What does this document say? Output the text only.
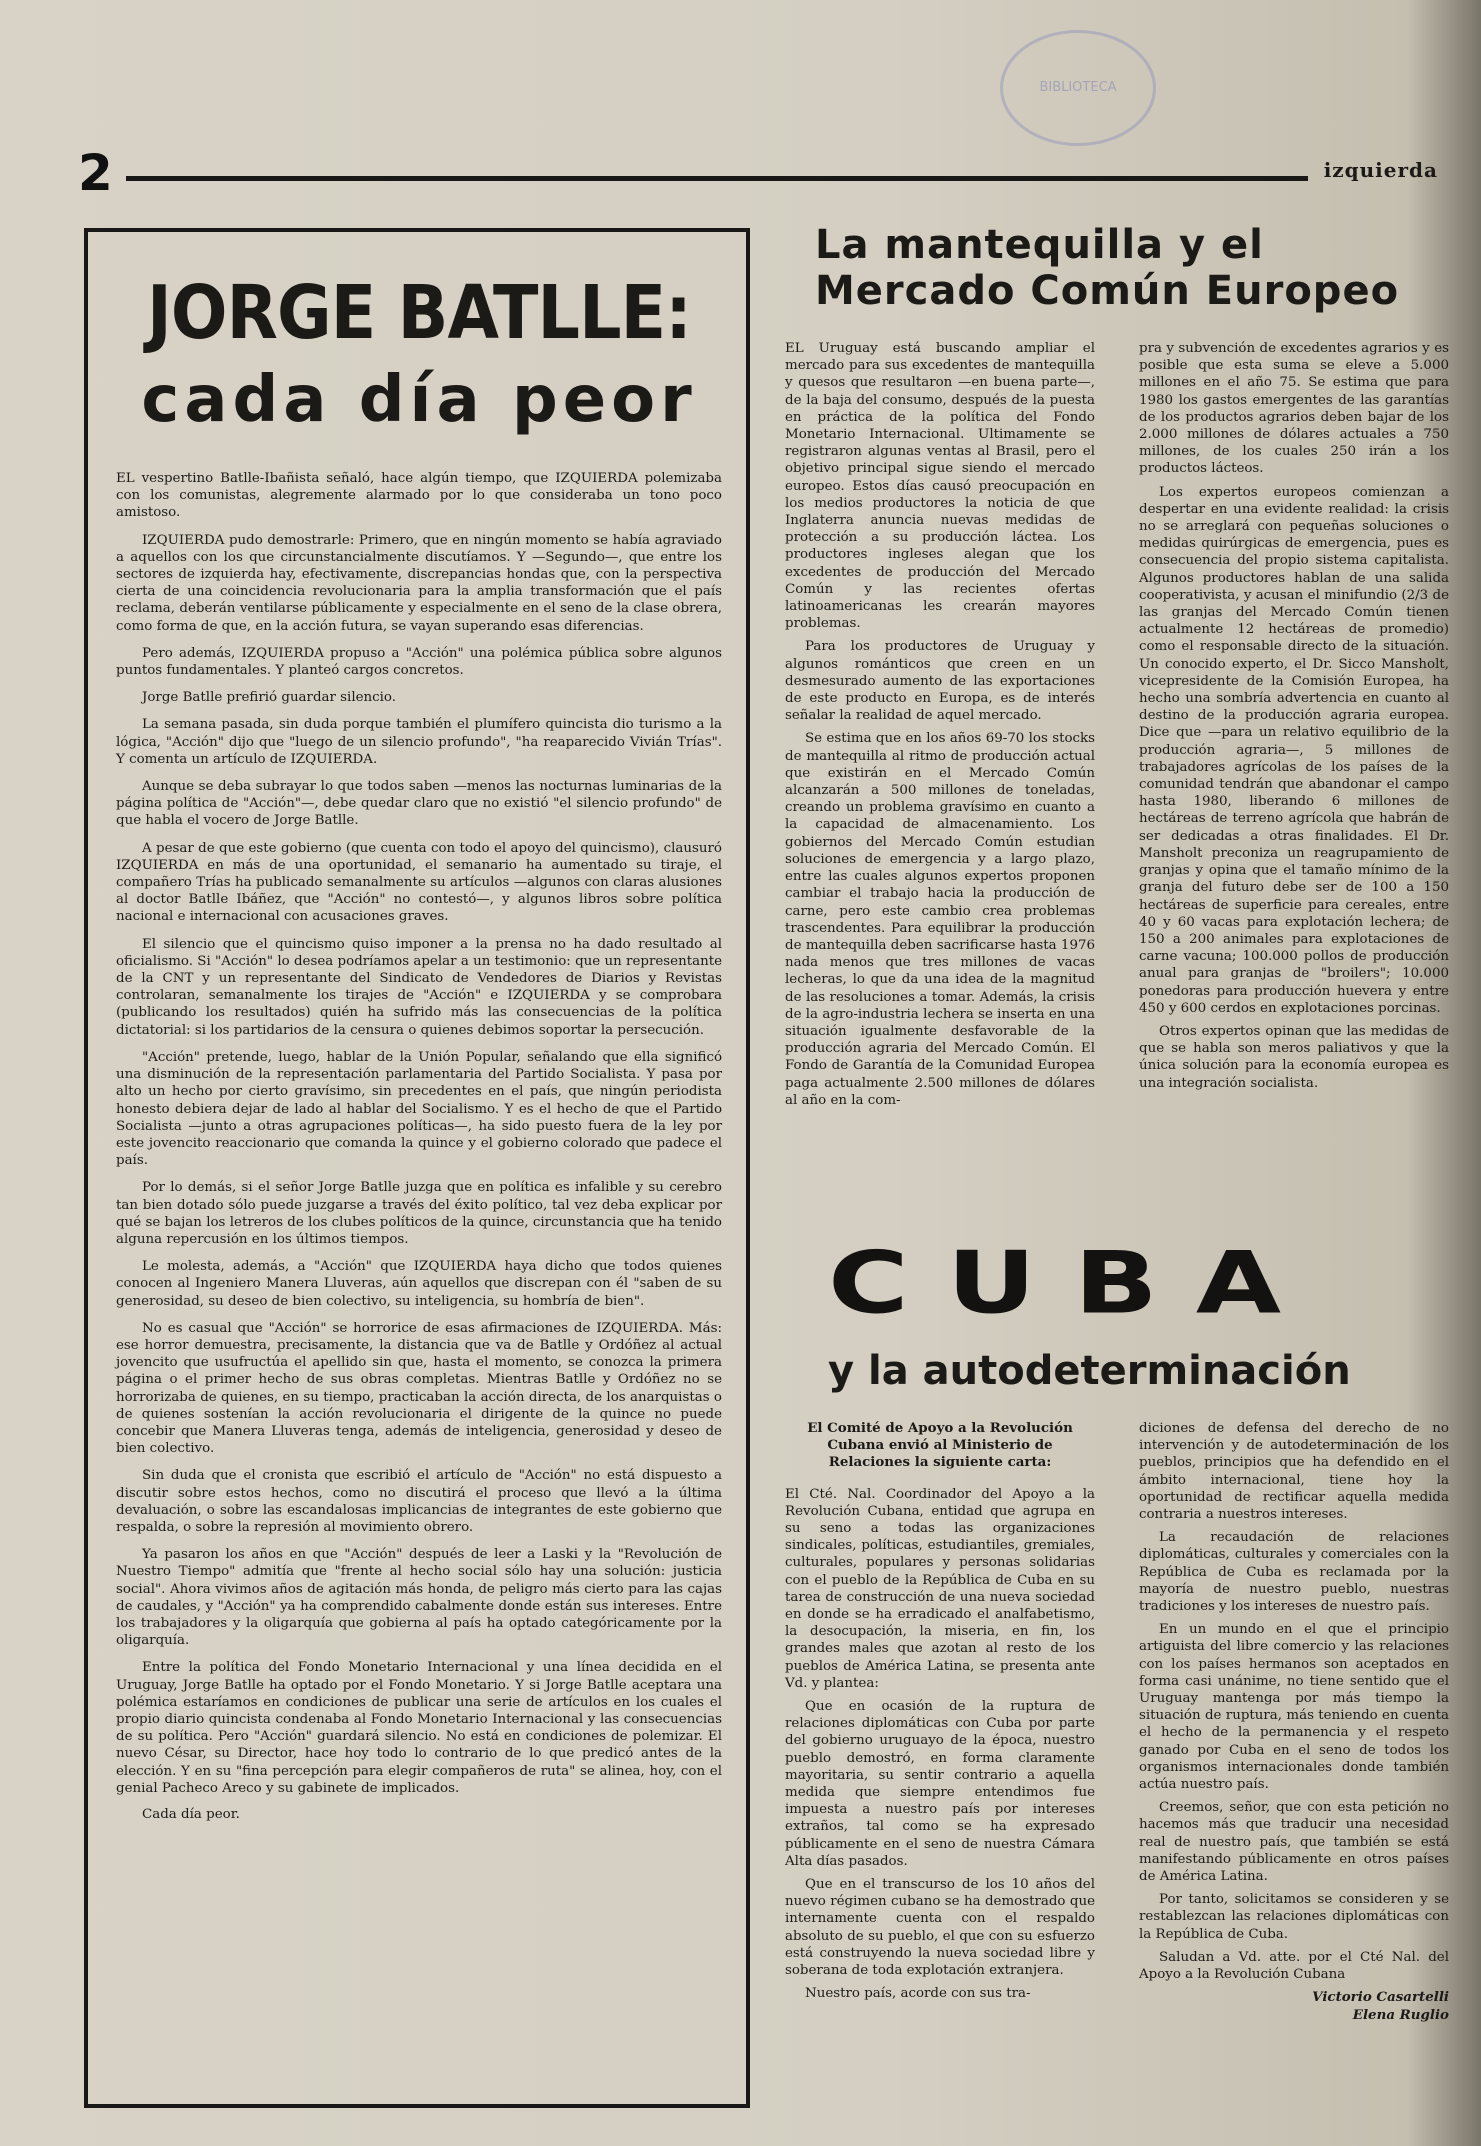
BIBLIOTECA
2	izquierda
JORGE BATLLE:
cada día peor

EL vespertino Batlle-Ibañista señaló, hace algún tiempo, que IZQUIERDA polemizaba con los comunistas, alegremente alarmado por lo que consideraba un tono poco amistoso.

IZQUIERDA pudo demostrarle: Primero, que en ningún momento se había agraviado a aquellos con los que circunstancialmente discutíamos. Y —Segundo—, que entre los sectores de izquierda hay, efectivamente, discrepancias hondas que, con la perspectiva cierta de una coincidencia revolucionaria para la amplia transformación que el país reclama, deberán ventilarse públicamente y especialmente en el seno de la clase obrera, como forma de que, en la acción futura, se vayan superando esas diferencias.

Pero además, IZQUIERDA propuso a "Acción" una polémica pública sobre algunos puntos fundamentales. Y planteó cargos concretos.

Jorge Batlle prefirió guardar silencio.

La semana pasada, sin duda porque también el plumífero quincista dio turismo a la lógica, "Acción" dijo que "luego de un silencio profundo", "ha reaparecido Vivián Trías". Y comenta un artículo de IZQUIERDA.

Aunque se deba subrayar lo que todos saben —menos las nocturnas luminarias de la página política de "Acción"—, debe quedar claro que no existió "el silencio profundo" de que habla el vocero de Jorge Batlle.

A pesar de que este gobierno (que cuenta con todo el apoyo del quincismo), clausuró IZQUIERDA en más de una oportunidad, el semanario ha aumentado su tiraje, el compañero Trías ha publicado semanalmente su artículos —algunos con claras alusiones al doctor Batlle Ibáñez, que "Acción" no contestó—, y algunos libros sobre política nacional e internacional con acusaciones graves.

El silencio que el quincismo quiso imponer a la prensa no ha dado resultado al oficialismo. Si "Acción" lo desea podríamos apelar a un testimonio: que un representante de la CNT y un representante del Sindicato de Vendedores de Diarios y Revistas controlaran, semanalmente los tirajes de "Acción" e IZQUIERDA y se comprobara (publicando los resultados) quién ha sufrido más las consecuencias de la política dictatorial: si los partidarios de la censura o quienes debimos soportar la persecución.

"Acción" pretende, luego, hablar de la Unión Popular, señalando que ella significó una disminución de la representación parlamentaria del Partido Socialista. Y pasa por alto un hecho por cierto gravísimo, sin precedentes en el país, que ningún periodista honesto debiera dejar de lado al hablar del Socialismo. Y es el hecho de que el Partido Socialista —junto a otras agrupaciones políticas—, ha sido puesto fuera de la ley por este jovencito reaccionario que comanda la quince y el gobierno colorado que padece el país.

Por lo demás, si el señor Jorge Batlle juzga que en política es infalible y su cerebro tan bien dotado sólo puede juzgarse a través del éxito político, tal vez deba explicar por qué se bajan los letreros de los clubes políticos de la quince, circunstancia que ha tenido alguna repercusión en los últimos tiempos.

Le molesta, además, a "Acción" que IZQUIERDA haya dicho que todos quienes conocen al Ingeniero Manera Lluveras, aún aquellos que discrepan con él "saben de su generosidad, su deseo de bien colectivo, su inteligencia, su hombría de bien".

No es casual que "Acción" se horrorice de esas afirmaciones de IZQUIERDA. Más: ese horror demuestra, precisamente, la distancia que va de Batlle y Ordóñez al actual jovencito que usufructúa el apellido sin que, hasta el momento, se conozca la primera página o el primer hecho de sus obras completas. Mientras Batlle y Ordóñez no se horrorizaba de quienes, en su tiempo, practicaban la acción directa, de los anarquistas o de quienes sostenían la acción revolucionaria el dirigente de la quince no puede concebir que Manera Lluveras tenga, además de inteligencia, generosidad y deseo de bien colectivo.

Sin duda que el cronista que escribió el artículo de "Acción" no está dispuesto a discutir sobre estos hechos, como no discutirá el proceso que llevó a la última devaluación, o sobre las escandalosas implicancias de integrantes de este gobierno que respalda, o sobre la represión al movimiento obrero.

Ya pasaron los años en que "Acción" después de leer a Laski y la "Revolución de Nuestro Tiempo" admitía que "frente al hecho social sólo hay una solución: justicia social". Ahora vivimos años de agitación más honda, de peligro más cierto para las cajas de caudales, y "Acción" ya ha comprendido cabalmente donde están sus intereses. Entre los trabajadores y la oligarquía que gobierna al país ha optado categóricamente por la oligarquía.

Entre la política del Fondo Monetario Internacional y una línea decidida en el Uruguay, Jorge Batlle ha optado por el Fondo Monetario. Y si Jorge Batlle aceptara una polémica estaríamos en condiciones de publicar una serie de artículos en los cuales el propio diario quincista condenaba al Fondo Monetario Internacional y las consecuencias de su política. Pero "Acción" guardará silencio. No está en condiciones de polemizar. El nuevo César, su Director, hace hoy todo lo contrario de lo que predicó antes de la elección. Y en su "fina percepción para elegir compañeros de ruta" se alinea, hoy, con el genial Pacheco Areco y su gabinete de implicados.

Cada día peor.
La mantequilla y el
Mercado Común Europeo

EL Uruguay está buscando ampliar el mercado para sus excedentes de mantequilla y quesos que resultaron —en buena parte—, de la baja del consumo, después de la puesta en práctica de la política del Fondo Monetario Internacional. Ultimamente se registraron algunas ventas al Brasil, pero el objetivo principal sigue siendo el mercado europeo. Estos días causó preocupación en los medios productores la noticia de que Inglaterra anuncia nuevas medidas de protección a su producción láctea. Los productores ingleses alegan que los excedentes de producción del Mercado Común y las recientes ofertas latinoamericanas les crearán mayores problemas.

Para los productores de Uruguay y algunos románticos que creen en un desmesurado aumento de las exportaciones de este producto en Europa, es de interés señalar la realidad de aquel mercado.

Se estima que en los años 69-70 los stocks de mantequilla al ritmo de producción actual que existirán en el Mercado Común alcanzarán a 500 millones de toneladas, creando un problema gravísimo en cuanto a la capacidad de almacenamiento. Los gobiernos del Mercado Común estudian soluciones de emergencia y a largo plazo, entre las cuales algunos expertos proponen cambiar el trabajo hacia la producción de carne, pero este cambio crea problemas trascendentes. Para equilibrar la producción de mantequilla deben sacrificarse hasta 1976 nada menos que tres millones de vacas lecheras, lo que da una idea de la magnitud de las resoluciones a tomar. Además, la crisis de la agro-industria lechera se inserta en una situación igualmente desfavorable de la producción agraria del Mercado Común. El Fondo de Garantía de la Comunidad Europea paga actualmente 2.500 millones de dólares al año en la com-

pra y subvención de excedentes agrarios y es posible que esta suma se eleve a 5.000 millones en el año 75. Se estima que para 1980 los gastos emergentes de las garantías de los productos agrarios deben bajar de los 2.000 millones de dólares actuales a 750 millones, de los cuales 250 irán a los productos lácteos.

Los expertos europeos comienzan a despertar en una evidente realidad: la crisis no se arreglará con pequeñas soluciones o medidas quirúrgicas de emergencia, pues es consecuencia del propio sistema capitalista. Algunos productores hablan de una salida cooperativista, y acusan el minifundio (2/3 de las granjas del Mercado Común tienen actualmente 12 hectáreas de promedio) como el responsable directo de la situación. Un conocido experto, el Dr. Sicco Mansholt, vicepresidente de la Comisión Europea, ha hecho una sombría advertencia en cuanto al destino de la producción agraria europea. Dice que —para un relativo equilibrio de la producción agraria—, 5 millones de trabajadores agrícolas de los países de la comunidad tendrán que abandonar el campo hasta 1980, liberando 6 millones de hectáreas de terreno agrícola que habrán de ser dedicadas a otras finalidades. El Dr. Mansholt preconiza un reagrupamiento de granjas y opina que el tamaño mínimo de la granja del futuro debe ser de 100 a 150 hectáreas de superficie para cereales, entre 40 y 60 vacas para explotación lechera; de 150 a 200 animales para explotaciones de carne vacuna; 100.000 pollos de producción anual para granjas de "broilers"; 10.000 ponedoras para producción huevera y entre 450 y 600 cerdos en explotaciones porcinas.

Otros expertos opinan que las medidas de que se habla son meros paliativos y que la única solución para la economía europea es una integración socialista.

CUBA
y la autodeterminación
El Comité de Apoyo a la Revolución Cubana envió al Ministerio de Relaciones la siguiente carta:

El Cté. Nal. Coordinador del Apoyo a la Revolución Cubana, entidad que agrupa en su seno a todas las organizaciones sindicales, políticas, estudiantiles, gremiales, culturales, populares y personas solidarias con el pueblo de la República de Cuba en su tarea de construcción de una nueva sociedad en donde se ha erradicado el analfabetismo, la desocupación, la miseria, en fin, los grandes males que azotan al resto de los pueblos de América Latina, se presenta ante Vd. y plantea:

Que en ocasión de la ruptura de relaciones diplomáticas con Cuba por parte del gobierno uruguayo de la época, nuestro pueblo demostró, en forma claramente mayoritaria, su sentir contrario a aquella medida que siempre entendimos fue impuesta a nuestro país por intereses extraños, tal como se ha expresado públicamente en el seno de nuestra Cámara Alta días pasados.

Que en el transcurso de los 10 años del nuevo régimen cubano se ha demostrado que internamente cuenta con el respaldo absoluto de su pueblo, el que con su esfuerzo está construyendo la nueva sociedad libre y soberana de toda explotación extranjera.

Nuestro país, acorde con sus tra-

diciones de defensa del derecho de no intervención y de autodeterminación de los pueblos, principios que ha defendido en el ámbito internacional, tiene hoy la oportunidad de rectificar aquella medida contraria a nuestros intereses.

La recaudación de relaciones diplomáticas, culturales y comerciales con la República de Cuba es reclamada por la mayoría de nuestro pueblo, nuestras tradiciones y los intereses de nuestro país.

En un mundo en el que el principio artiguista del libre comercio y las relaciones con los países hermanos son aceptados en forma casi unánime, no tiene sentido que el Uruguay mantenga por más tiempo la situación de ruptura, más teniendo en cuenta el hecho de la permanencia y el respeto ganado por Cuba en el seno de todos los organismos internacionales donde también actúa nuestro país.

Creemos, señor, que con esta petición no hacemos más que traducir una necesidad real de nuestro país, que también se está manifestando públicamente en otros países de América Latina.

Por tanto, solicitamos se consideren y se restablezcan las relaciones diplomáticas con la República de Cuba.

Saludan a Vd. atte. por el Cté Nal. del Apoyo a la Revolución Cubana

Victorio Casartelli
Elena Ruglio
